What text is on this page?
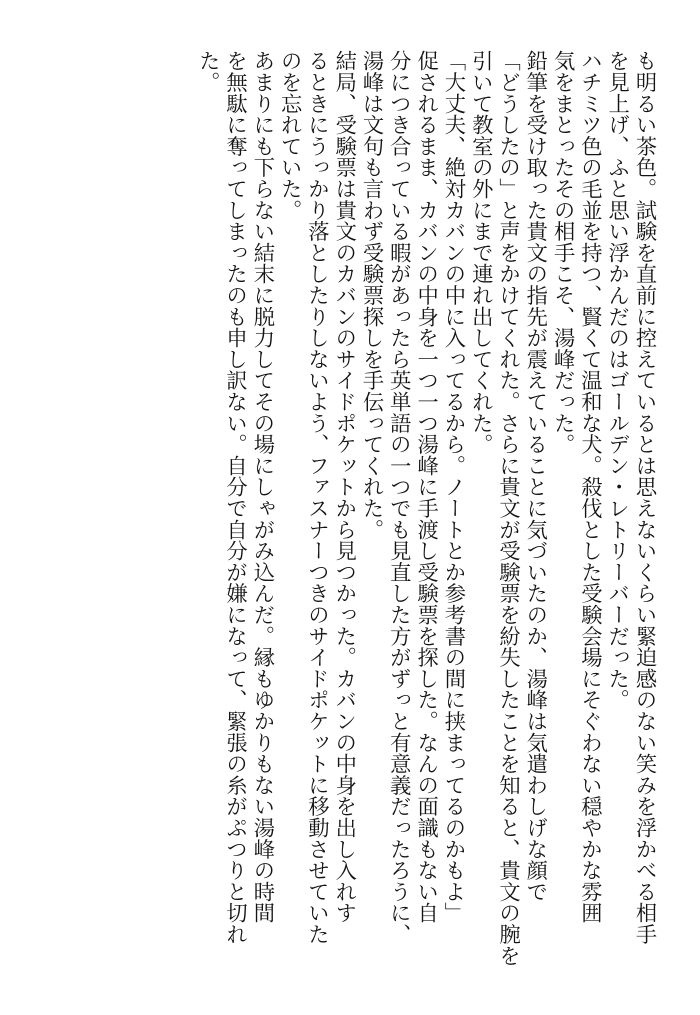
も明るい茶色。試験を直前に控えているとは思えないくらい緊迫感のない笑みを浮かべる相手
を見上げ、ふと思い浮かんだのはゴールデン・レトリーバーだった。
ハチミツ色の毛並を持つ、賢くて温和な犬。殺伐とした受験会場にそぐわない穏やかな雰囲
気をまとったその相手こそ、湯峰だった。
鉛筆を受け取った貴文の指先が震えていることに気づいたのか、湯峰は気遣わしげな顔で
「どうしたの」と声をかけてくれた。さらに貴文が受験票を紛失したことを知ると、貴文の腕を
引いて教室の外にまで連れ出してくれた。
「大丈夫、絶対カバンの中に入ってるから。ノートとか参考書の間に挟まってるのかもよ」
促されるまま、カバンの中身を一つ一つ湯峰に手渡し受験票を探した。なんの面識もない自
分につき合っている暇があったら英単語の一つでも見直した方がずっと有意義だったろうに、
湯峰は文句も言わず受験票探しを手伝ってくれた。
結局、受験票は貴文のカバンのサイドポケットから見つかった。カバンの中身を出し入れす
るときにうっかり落としたりしないよう、ファスナーつきのサイドポケットに移動させていた
のを忘れていた。
あまりにも下らない結末に脱力してその場にしゃがみ込んだ。縁もゆかりもない湯峰の時間
を無駄に奪ってしまったのも申し訳ない。自分で自分が嫌になって、緊張の糸がぷつりと切れ
た。
